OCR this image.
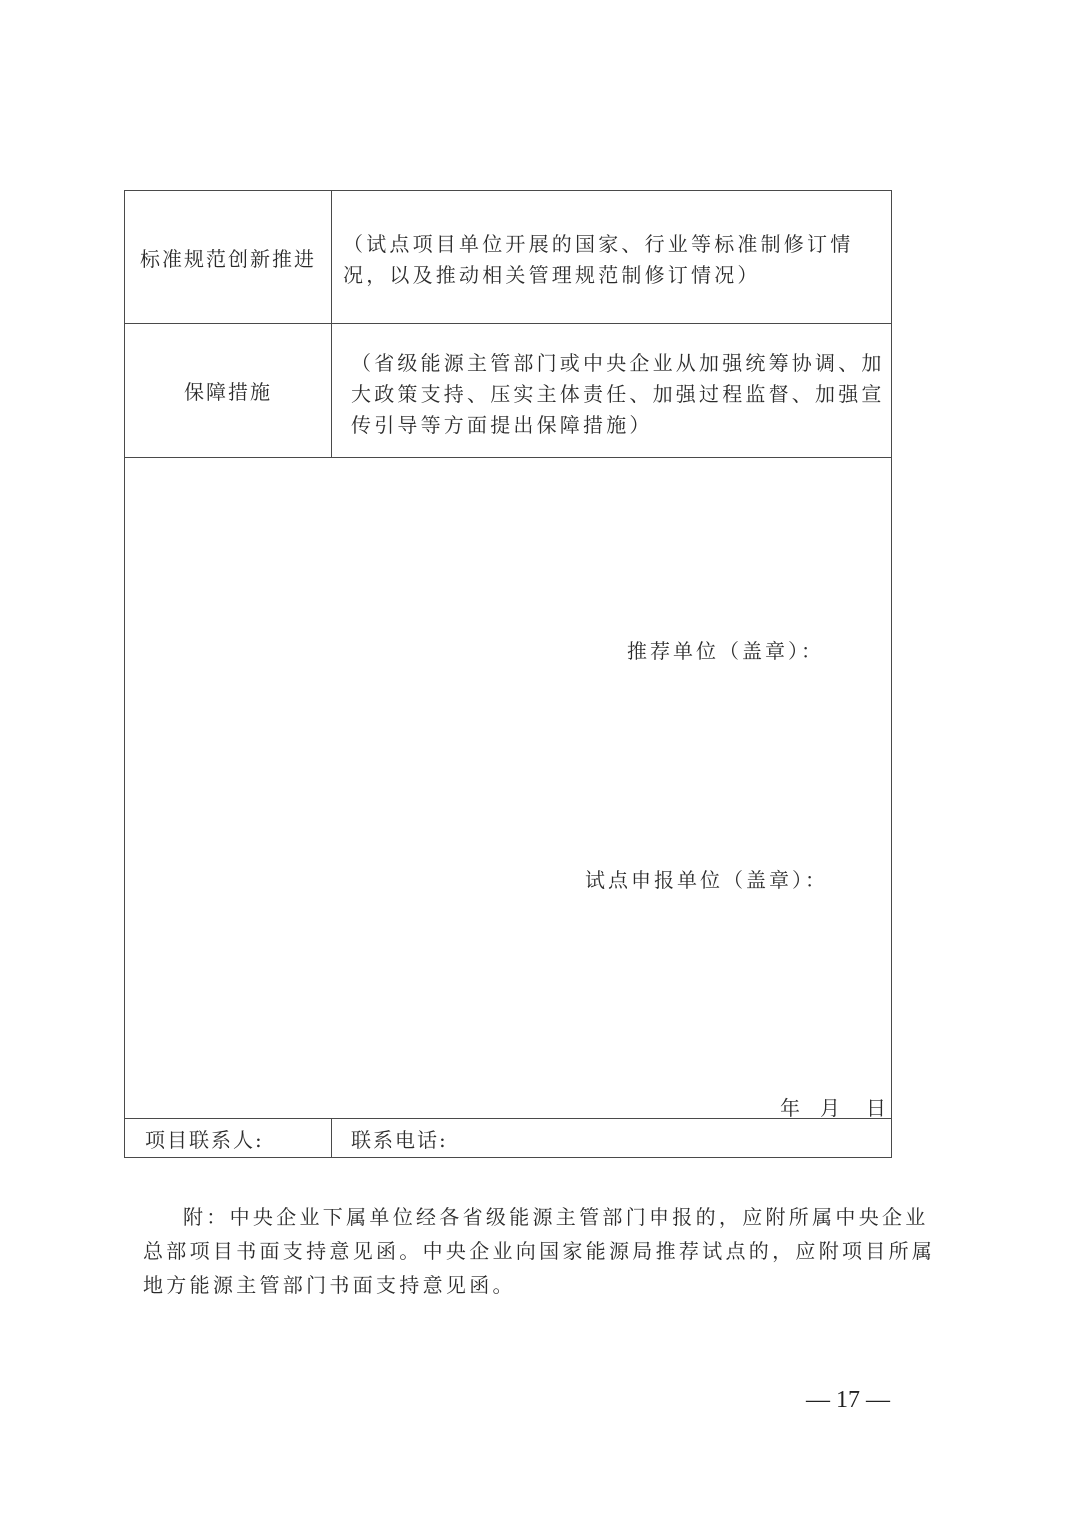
标准规范创新推进
（试点项目单位开展的国家、行业等标准制修订情况，以及推动相关管理规范制修订情况）
保障措施
（省级能源主管部门或中央企业从加强统筹协调、加大政策支持、压实主体责任、加强过程监督、加强宣传引导等方面提出保障措施）
推荐单位（盖章）：
试点申报单位（盖章）：
年 月 日
项目联系人:	联系电话:
附：中央企业下属单位经各省级能源主管部门申报的，应附所属中央企业总部项目书面支持意见函。中央企业向国家能源局推荐试点的，应附项目所属地方能源主管部门书面支持意见函。
— 17 —
